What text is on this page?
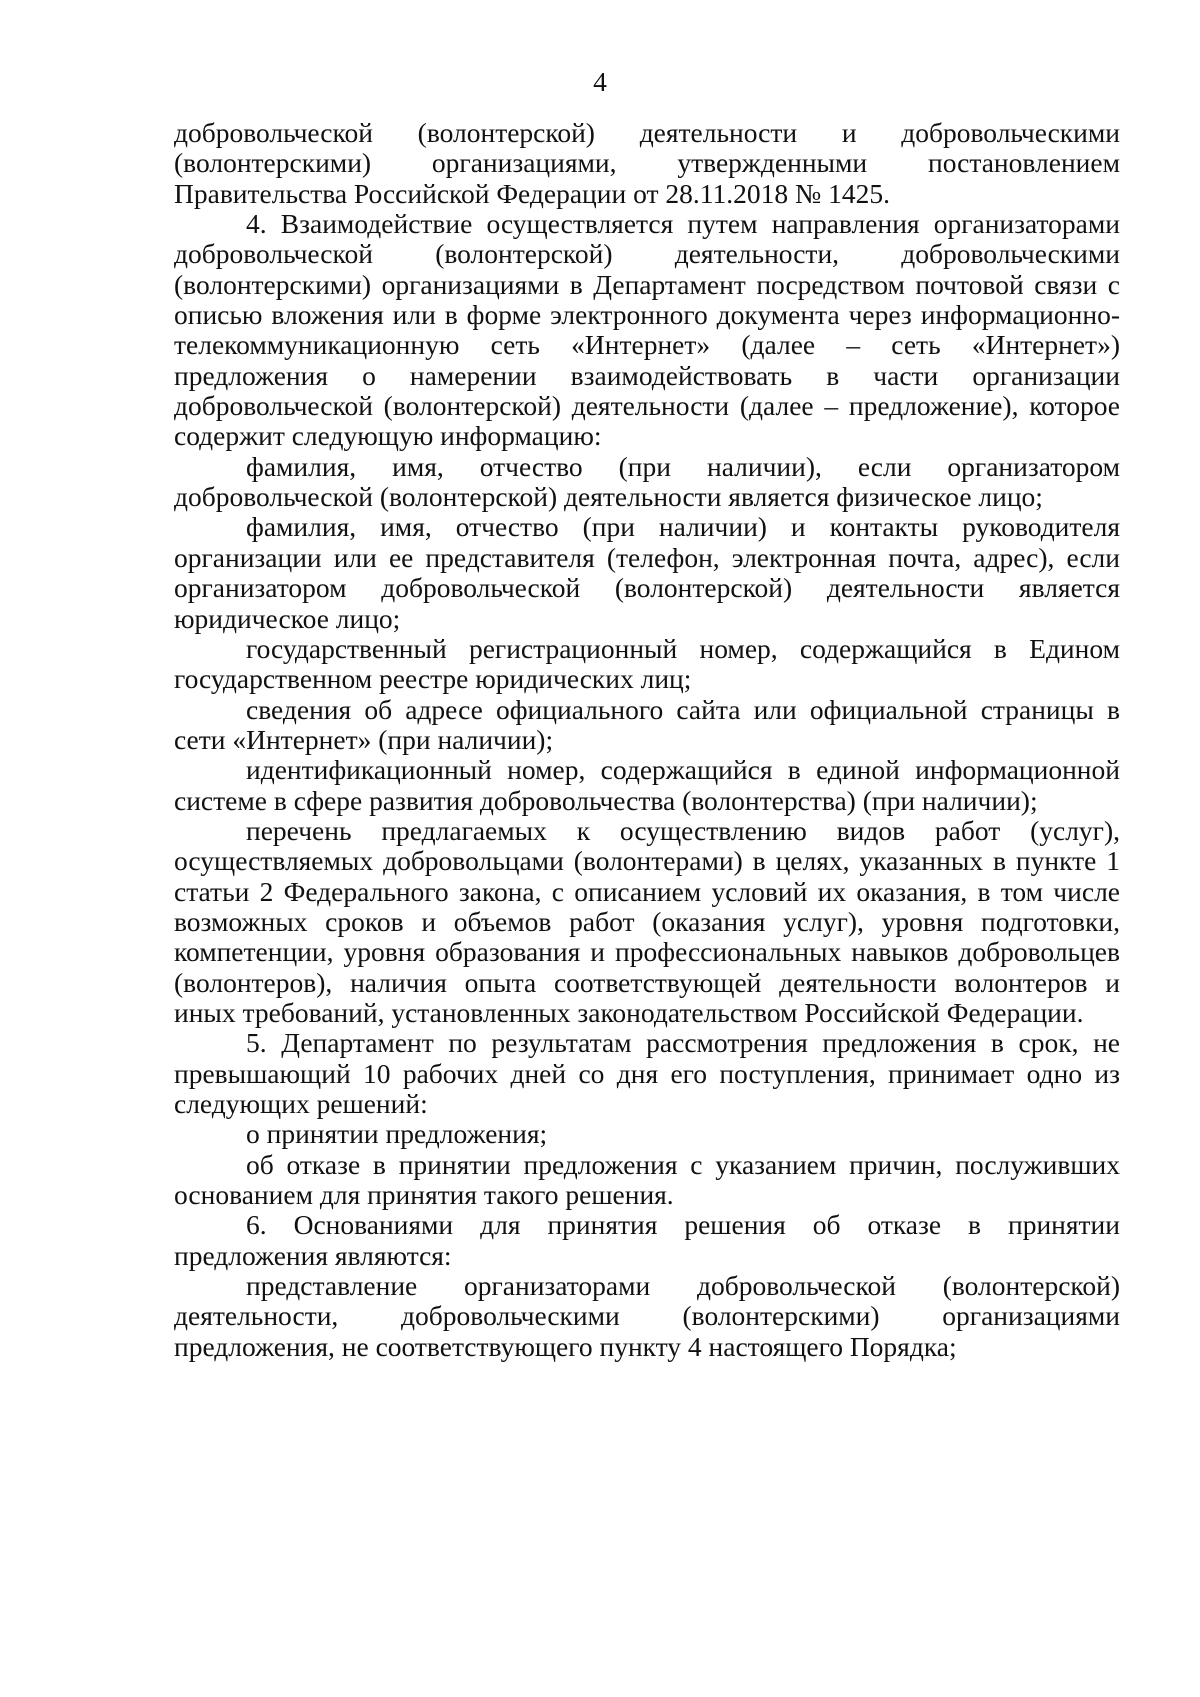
4

добровольческой (волонтерской) деятельности и добровольческими (волонтерскими) организациями, утвержденными постановлением Правительства Российской Федерации от 28.11.2018 № 1425.

4. Взаимодействие осуществляется путем направления организаторами добровольческой (волонтерской) деятельности, добровольческими (волонтерскими) организациями в Департамент посредством почтовой связи с описью вложения или в форме электронного документа через информационно-телекоммуникационную сеть «Интернет» (далее – сеть «Интернет») предложения о намерении взаимодействовать в части организации добровольческой (волонтерской) деятельности (далее – предложение), которое содержит следующую информацию:

фамилия, имя, отчество (при наличии), если организатором добровольческой (волонтерской) деятельности является физическое лицо;

фамилия, имя, отчество (при наличии) и контакты руководителя организации или ее представителя (телефон, электронная почта, адрес), если организатором добровольческой (волонтерской) деятельности является юридическое лицо;

государственный регистрационный номер, содержащийся в Едином государственном реестре юридических лиц;

сведения об адресе официального сайта или официальной страницы в сети «Интернет» (при наличии);

идентификационный номер, содержащийся в единой информационной системе в сфере развития добровольчества (волонтерства) (при наличии);

перечень предлагаемых к осуществлению видов работ (услуг), осуществляемых добровольцами (волонтерами) в целях, указанных в пункте 1 статьи 2 Федерального закона, с описанием условий их оказания, в том числе возможных сроков и объемов работ (оказания услуг), уровня подготовки, компетенции, уровня образования и профессиональных навыков добровольцев (волонтеров), наличия опыта соответствующей деятельности волонтеров и иных требований, установленных законодательством Российской Федерации.

5. Департамент по результатам рассмотрения предложения в срок, не превышающий 10 рабочих дней со дня его поступления, принимает одно из следующих решений:

о принятии предложения;

об отказе в принятии предложения с указанием причин, послуживших основанием для принятия такого решения.

6. Основаниями для принятия решения об отказе в принятии предложения являются:

представление организаторами добровольческой (волонтерской) деятельности, добровольческими (волонтерскими) организациями предложения, не соответствующего пункту 4 настоящего Порядка;
